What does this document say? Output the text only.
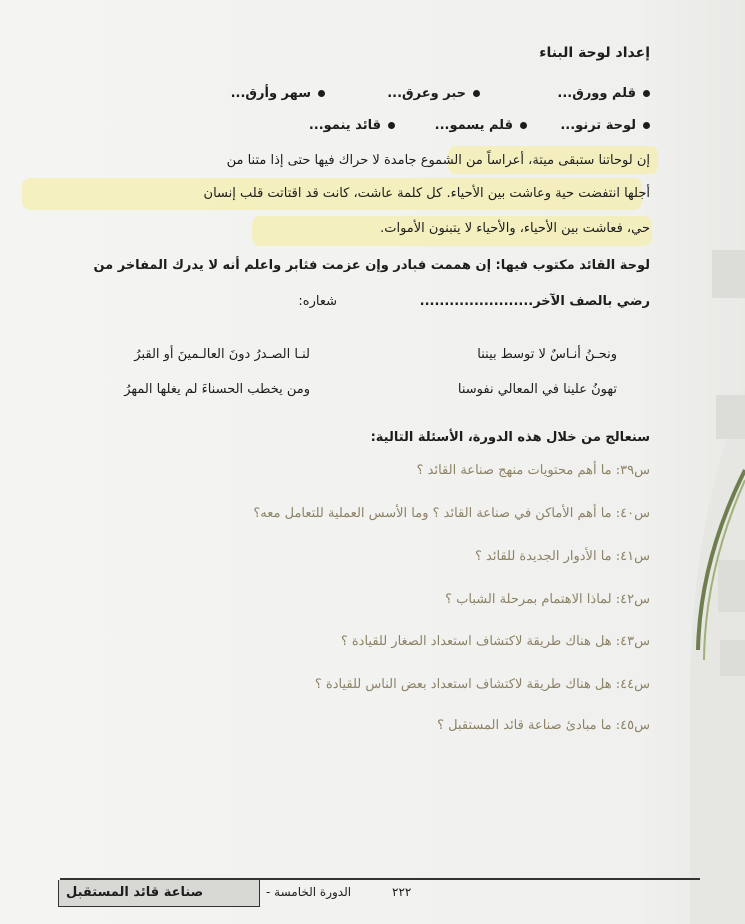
إعداد لوحة البناء
قلم وورق...
حبر وعرق...
سهر وأرق...
لوحة ترنو...
قلم يسمو...
قائد ينمو...
إن لوحاتنا ستبقى ميتة، أعراساً من الشموع جامدة لا حراك فيها حتى إذا متنا من
أجلها انتفضت حية وعاشت بين الأحياء. كل كلمة عاشت، كانت قد اقتاتت قلب إنسان
حي، فعاشت بين الأحياء، والأحياء لا يتبنون الأموات.
لوحة القائد مكتوب فيها: إن هممت فبادر وإن عزمت فثابر واعلم أنه لا يدرك المفاخر من
رضي بالصف الآخر.......................
شعاره:
ونحـنُ أنـاسٌ لا توسط بيننا
لنـا الصـدرُ دونَ العالـمينَ أو القبرُ
تهونُ علينا في المعالي نفوسنا
ومن يخطب الحسناءَ لم يغلها المهرُ
سنعالج من خلال هذه الدورة، الأسئلة التالية:
س٣٩: ما أهم محتويات منهج صناعة القائد ؟
س٤٠: ما أهم الأماكن في صناعة القائد ؟ وما الأسس العملية للتعامل معه؟
س٤١: ما الأدوار الجديدة للقائد ؟
س٤٢: لماذا الاهتمام بمرحلة الشباب ؟
س٤٣: هل هناك طريقة لاكتشاف استعداد الصغار للقيادة ؟
س٤٤: هل هناك طريقة لاكتشاف استعداد بعض الناس للقيادة ؟
س٤٥: ما مبادئ صناعة قائد المستقبل ؟
صناعة قائد المستقبل	الدورة الخامسة -	٢٢٢
